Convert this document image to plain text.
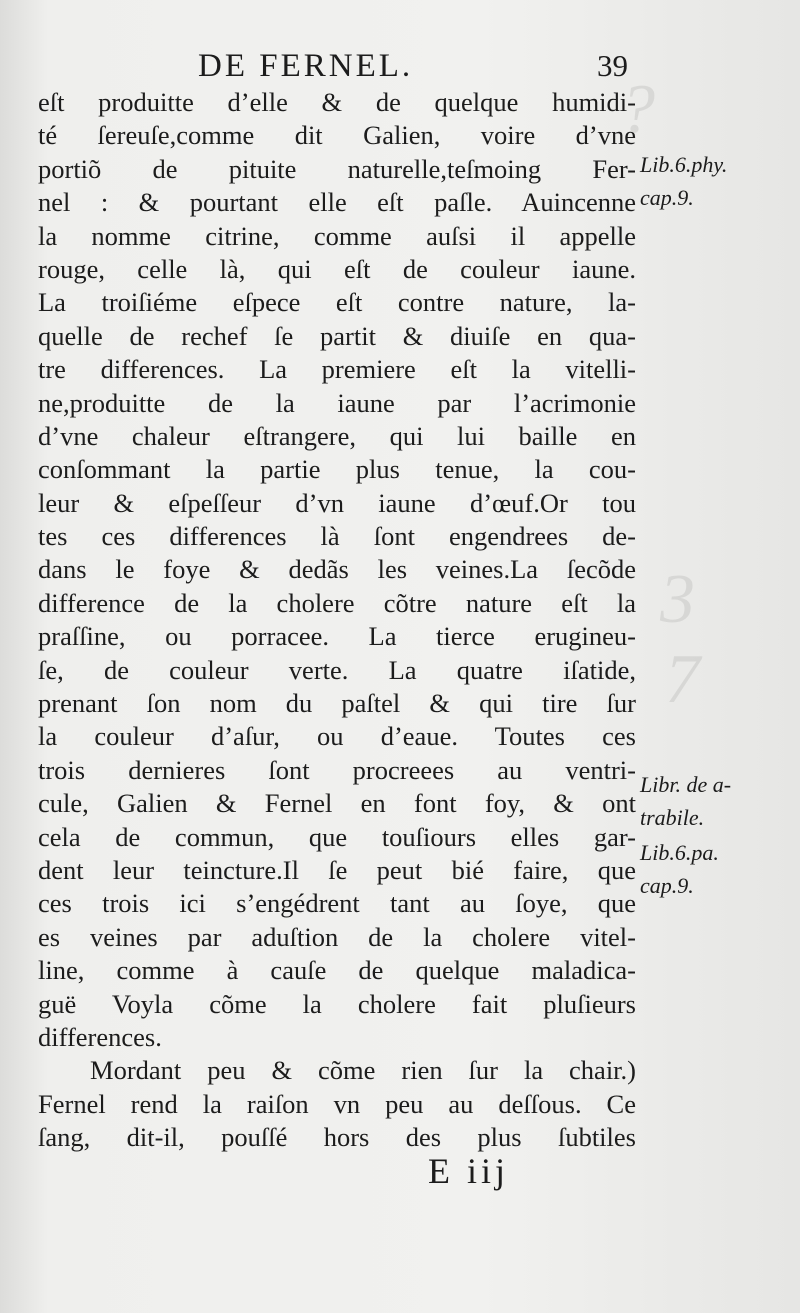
?
3
7
DE FERNEL.	39
eſt produitte d’elle & de quelque humidi-
té ſereuſe,comme dit Galien, voire d’vne
portiõ de pituite naturelle,teſmoing Fer-
nel : & pourtant elle eſt paſle. Auincenne
la nomme citrine, comme auſsi il appelle
rouge, celle là, qui eſt de couleur iaune.
La troiſiéme eſpece eſt contre nature, la-
quelle de rechef ſe partit & diuiſe en qua-
tre differences. La premiere eſt la vitelli-
ne,produitte de la iaune par l’acrimonie
d’vne chaleur eſtrangere, qui lui baille en
conſommant la partie plus tenue, la cou-
leur & eſpeſſeur d’vn iaune d’œuf.Or tou
tes ces differences là ſont engendrees de-
dans le foye & dedãs les veines.La ſecõde
difference de la cholere cõtre nature eſt la
praſſine, ou porracee. La tierce erugineu-
ſe, de couleur verte. La quatre iſatide,
prenant ſon nom du paſtel & qui tire ſur
la couleur d’aſur, ou d’eaue. Toutes ces
trois dernieres ſont procreees au ventri-
cule, Galien & Fernel en font foy, & ont
cela de commun, que touſiours elles gar-
dent leur teincture.Il ſe peut bié faire, que
ces trois ici s’engédrent tant au ſoye, que
es veines par aduſtion de la cholere vitel-
line, comme à cauſe de quelque maladica-
guë Voyla cõme la cholere fait pluſieurs
differences.
Mordant peu & cõme rien ſur la chair.)
Fernel rend la raiſon vn peu au deſſous. Ce
ſang, dit-il, pouſſé hors des plus ſubtiles
Lib.6.phy.
cap.9.
Libr. de a-
trabile.
Lib.6.pa.
cap.9.
E iij
